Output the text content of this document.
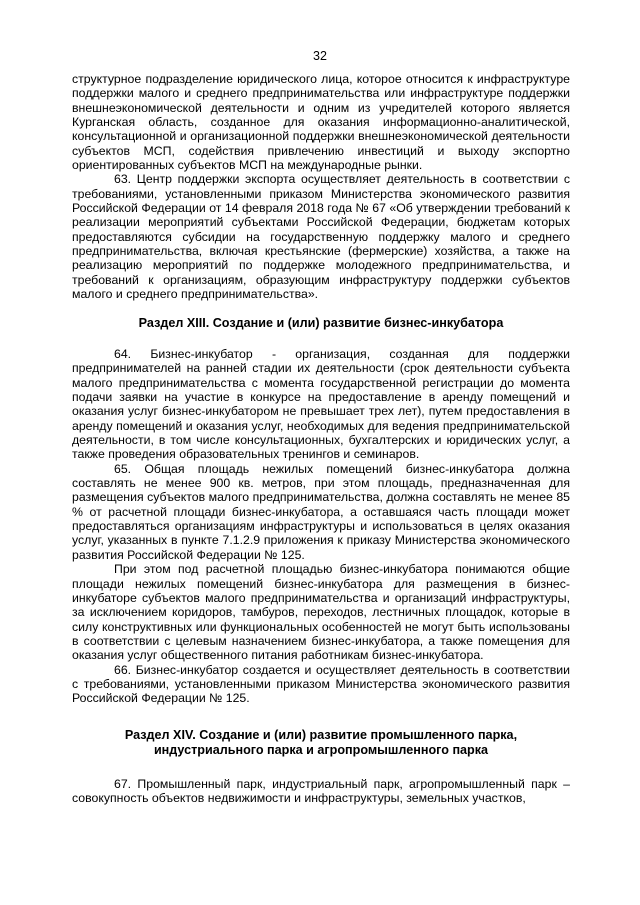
32

структурное подразделение юридического лица, которое относится к инфраструктуре поддержки малого и среднего предпринимательства или инфраструктуре поддержки внешнеэкономической деятельности и одним из учредителей которого является Курганская область, созданное для оказания информационно-аналитической, консультационной и организационной поддержки внешнеэкономической деятельности субъектов МСП, содействия привлечению инвестиций и выходу экспортно ориентированных субъектов МСП на международные рынки.

63. Центр поддержки экспорта осуществляет деятельность в соответствии с требованиями, установленными приказом Министерства экономического развития Российской Федерации от 14 февраля 2018 года № 67 «Об утверждении требований к реализации мероприятий субъектами Российской Федерации, бюджетам которых предоставляются субсидии на государственную поддержку малого и среднего предпринимательства, включая крестьянские (фермерские) хозяйства, а также на реализацию мероприятий по поддержке молодежного предпринимательства, и требований к организациям, образующим инфраструктуру поддержки субъектов малого и среднего предпринимательства».

Раздел XIII. Создание и (или) развитие бизнес-инкубатора

64. Бизнес-инкубатор - организация, созданная для поддержки предпринимателей на ранней стадии их деятельности (срок деятельности субъекта малого предпринимательства с момента государственной регистрации до момента подачи заявки на участие в конкурсе на предоставление в аренду помещений и оказания услуг бизнес-инкубатором не превышает трех лет), путем предоставления в аренду помещений и оказания услуг, необходимых для ведения предпринимательской деятельности, в том числе консультационных, бухгалтерских и юридических услуг, а также проведения образовательных тренингов и семинаров.

65. Общая площадь нежилых помещений бизнес-инкубатора должна составлять не менее 900 кв. метров, при этом площадь, предназначенная для размещения субъектов малого предпринимательства, должна составлять не менее 85 % от расчетной площади бизнес-инкубатора, а оставшаяся часть площади может предоставляться организациям инфраструктуры и использоваться в целях оказания услуг, указанных в пункте 7.1.2.9 приложения к приказу Министерства экономического развития Российской Федерации № 125.

При этом под расчетной площадью бизнес-инкубатора понимаются общие площади нежилых помещений бизнес-инкубатора для размещения в бизнес-инкубаторе субъектов малого предпринимательства и организаций инфраструктуры, за исключением коридоров, тамбуров, переходов, лестничных площадок, которые в силу конструктивных или функциональных особенностей не могут быть использованы в соответствии с целевым назначением бизнес-инкубатора, а также помещения для оказания услуг общественного питания работникам бизнес-инкубатора.

66. Бизнес-инкубатор создается и осуществляет деятельность в соответствии с требованиями, установленными приказом Министерства экономического развития Российской Федерации № 125.

Раздел XIV. Создание и (или) развитие промышленного парка,
индустриального парка и агропромышленного парка

67. Промышленный парк, индустриальный парк, агропромышленный парк – совокупность объектов недвижимости и инфраструктуры, земельных участков,
